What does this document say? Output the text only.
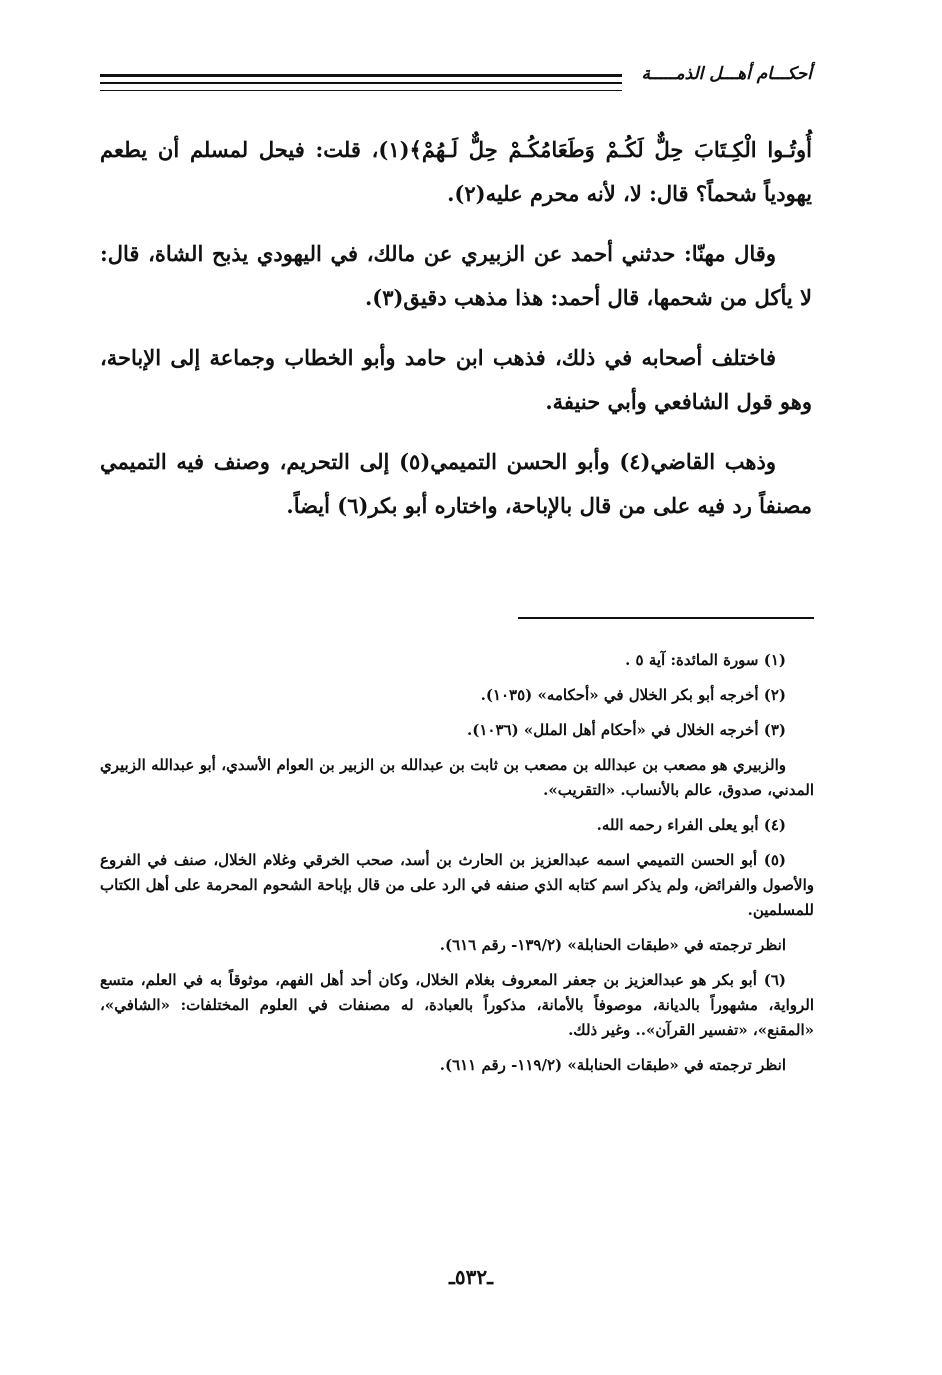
أحكـــام أهـــل الذمـــــة

أُوتُـوا الْكِـتَابَ حِلٌّ لَكُـمْ وَطَعَامُكُـمْ حِلٌّ لَـهُمْ﴾(١)، قلت: فيحل لمسلم أن يطعم يهودياً شحماً؟ قال: لا، لأنه محرم عليه(٢).

وقال مهنّا: حدثني أحمد عن الزبيري عن مالك، في اليهودي يذبح الشاة، قال: لا يأكل من شحمها، قال أحمد: هذا مذهب دقيق(٣).

فاختلف أصحابه في ذلك، فذهب ابن حامد وأبو الخطاب وجماعة إلى الإباحة، وهو قول الشافعي وأبي حنيفة.

وذهب القاضي(٤) وأبو الحسن التميمي(٥) إلى التحريم، وصنف فيه التميمي مصنفاً رد فيه على من قال بالإباحة، واختاره أبو بكر(٦) أيضاً.

(١) سورة المائدة: آية ٥ .

(٢) أخرجه أبو بكر الخلال في «أحكامه» (١٠٣٥).

(٣) أخرجه الخلال في «أحكام أهل الملل» (١٠٣٦).

والزبيري هو مصعب بن عبدالله بن مصعب بن ثابت بن عبدالله بن الزبير بن العوام الأسدي، أبو عبدالله الزبيري المدني، صدوق، عالم بالأنساب. «التقريب».

(٤) أبو يعلى الفراء رحمه الله.

(٥) أبو الحسن التميمي اسمه عبدالعزيز بن الحارث بن أسد، صحب الخرقي وغلام الخلال، صنف في الفروع والأصول والفرائض، ولم يذكر اسم كتابه الذي صنفه في الرد على من قال بإباحة الشحوم المحرمة على أهل الكتاب للمسلمين.

انظر ترجمته في «طبقات الحنابلة» (١٣٩/٢- رقم ٦١٦).

(٦) أبو بكر هو عبدالعزيز بن جعفر المعروف بغلام الخلال، وكان أحد أهل الفهم، موثوقاً به في العلم، متسع الرواية، مشهوراً بالديانة، موصوفاً بالأمانة، مذكوراً بالعبادة، له مصنفات في العلوم المختلفات: «الشافي»، «المقنع»، «تفسير القرآن».. وغير ذلك.

انظر ترجمته في «طبقات الحنابلة» (١١٩/٢- رقم ٦١١).

ـ٥٣٢ـ
